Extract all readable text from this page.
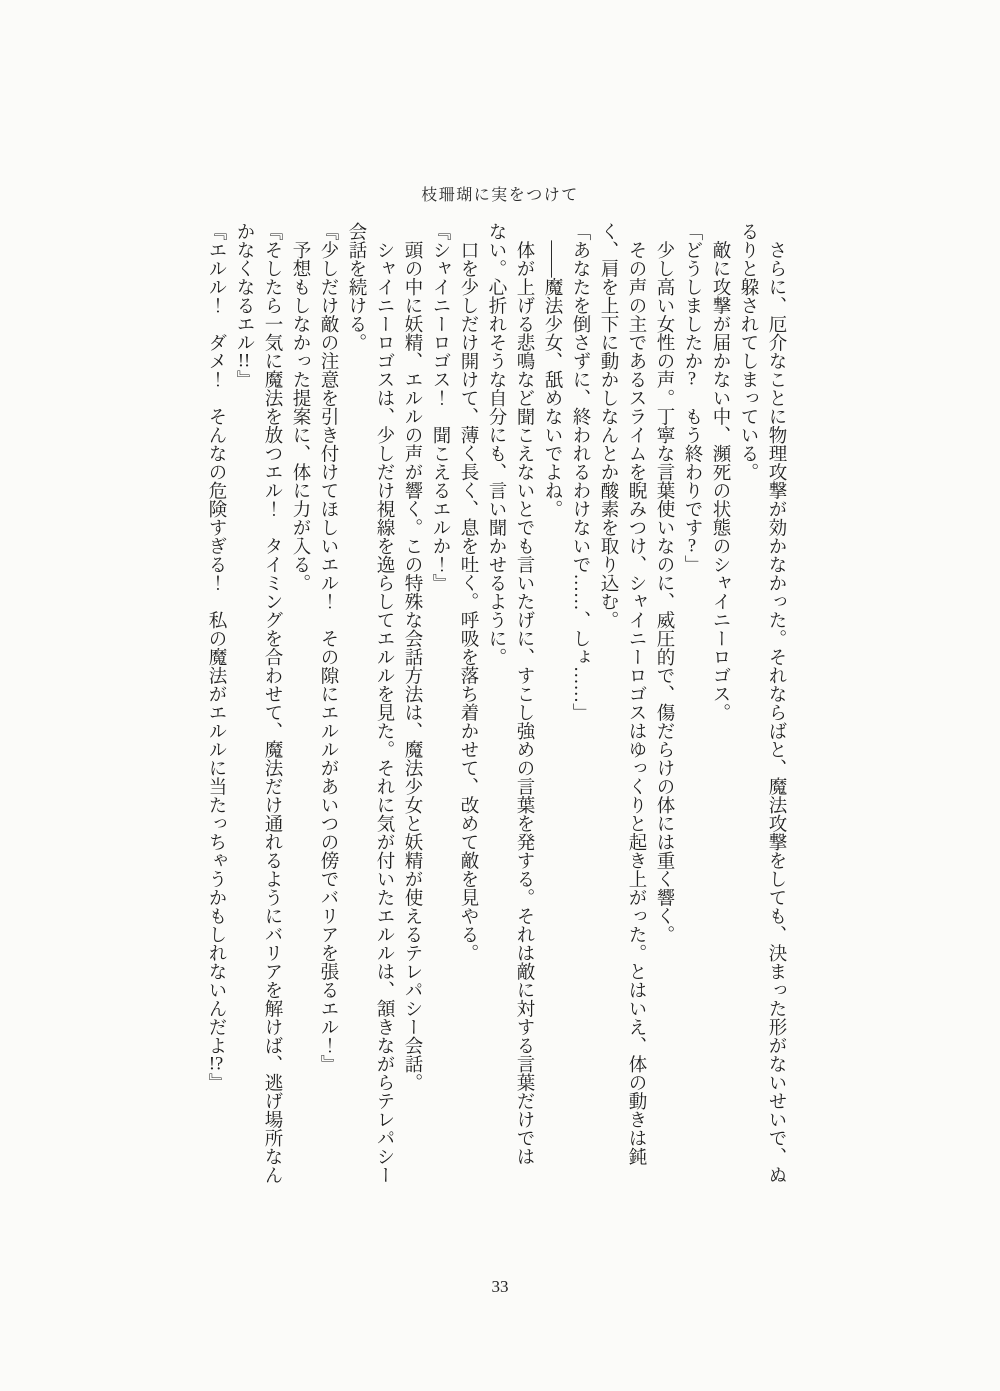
枝珊瑚に実をつけて

　さらに、厄介なことに物理攻撃が効かなかった。それならばと、魔法攻撃をしても、決まった形がないせいで、ぬ

るりと躱されてしまっている。

　敵に攻撃が届かない中、瀕死の状態のシャイニーロゴス。

「どうしましたか?　もう終わりです?」

　少し高い女性の声。丁寧な言葉使いなのに、威圧的で、傷だらけの体には重く響く。

　その声の主であるスライムを睨みつけ、シャイニーロゴスはゆっくりと起き上がった。とはいえ、体の動きは鈍

く、肩を上下に動かしなんとか酸素を取り込む。

「あなたを倒さずに、終われるわけないで……、しょ……」

　――魔法少女、舐めないでよね。

　体が上げる悲鳴など聞こえないとでも言いたげに、すこし強めの言葉を発する。それは敵に対する言葉だけでは

ない。心折れそうな自分にも、言い聞かせるように。

　口を少しだけ開けて、薄く長く、息を吐く。呼吸を落ち着かせて、改めて敵を見やる。

『シャイニーロゴス！　聞こえるエルか！』

　頭の中に妖精、エルルの声が響く。この特殊な会話方法は、魔法少女と妖精が使えるテレパシー会話。

　シャイニーロゴスは、少しだけ視線を逸らしてエルルを見た。それに気が付いたエルルは、頷きながらテレパシー

会話を続ける。

『少しだけ敵の注意を引き付けてほしいエル！　その隙にエルルがあいつの傍でバリアを張るエル！』

　予想もしなかった提案に、体に力が入る。

『そしたら一気に魔法を放つエル！　タイミングを合わせて、魔法だけ通れるようにバリアを解けば、逃げ場所なん

かなくなるエル!!』

『エルル！　ダメ！　そんなの危険すぎる！　私の魔法がエルルに当たっちゃうかもしれないんだよ!?』

33
